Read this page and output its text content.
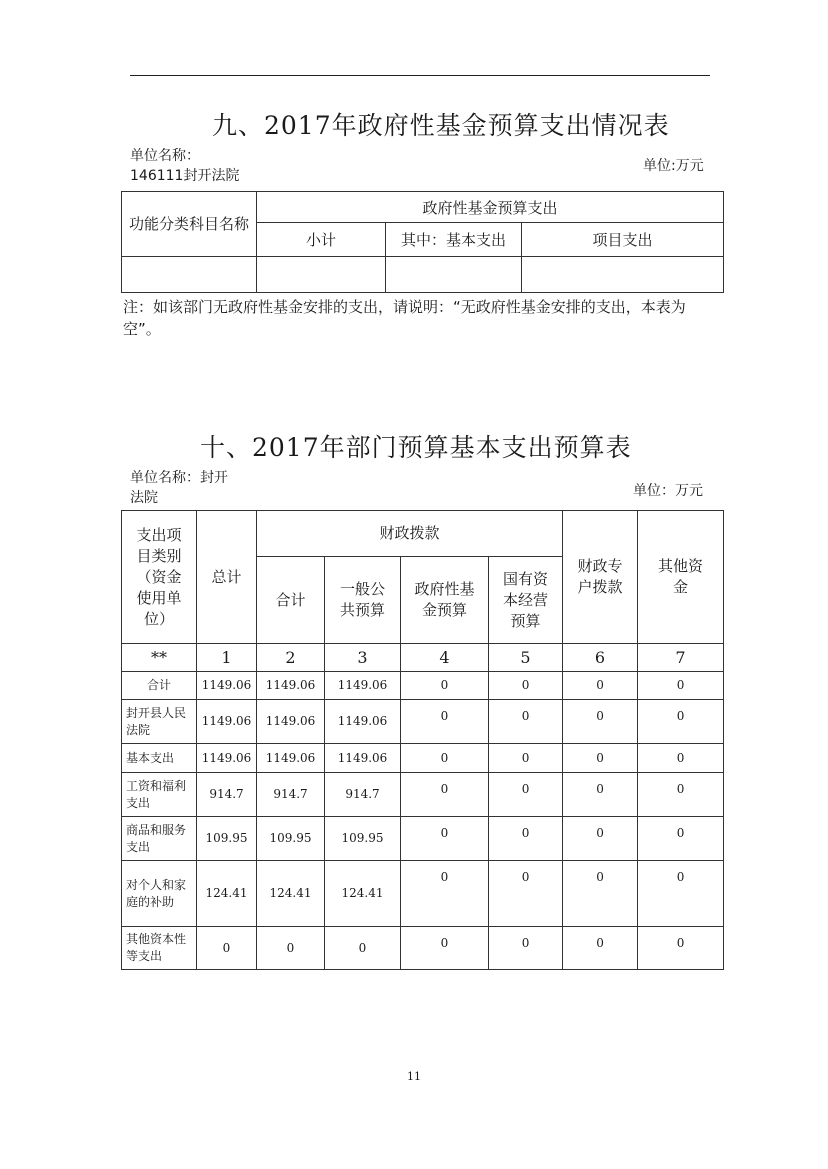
九、2017年政府性基金预算支出情况表
单位名称：
146111封开法院
单位:万元
功能分类科目名称	政府性基金预算支出		
	小计	其中：基本支出	项目支出

注：如该部门无政府性基金安排的支出，请说明：“无政府性基金安排的支出，本表为空”。
十、2017年部门预算基本支出预算表
单位名称：封开
法院	单位：万元
支出项目类别（资金使用单位）	总计	财政拨款				财政专户拨款	其他资金
		合计	一般公共预算	政府性基金预算	国有资本经营预算		
**	1	2	3	4	5	6	7
合计	1149.06	1149.06	1149.06	0	0	0	0
封开县人民法院	1149.06	1149.06	1149.06	0	0	0	0
基本支出	1149.06	1149.06	1149.06	0	0	0	0
工资和福利支出	914.7	914.7	914.7	0	0	0	0
商品和服务支出	109.95	109.95	109.95	0	0	0	0
对个人和家庭的补助	124.41	124.41	124.41	0	0	0	0
其他资本性等支出	0	0	0	0	0	0	0
11
